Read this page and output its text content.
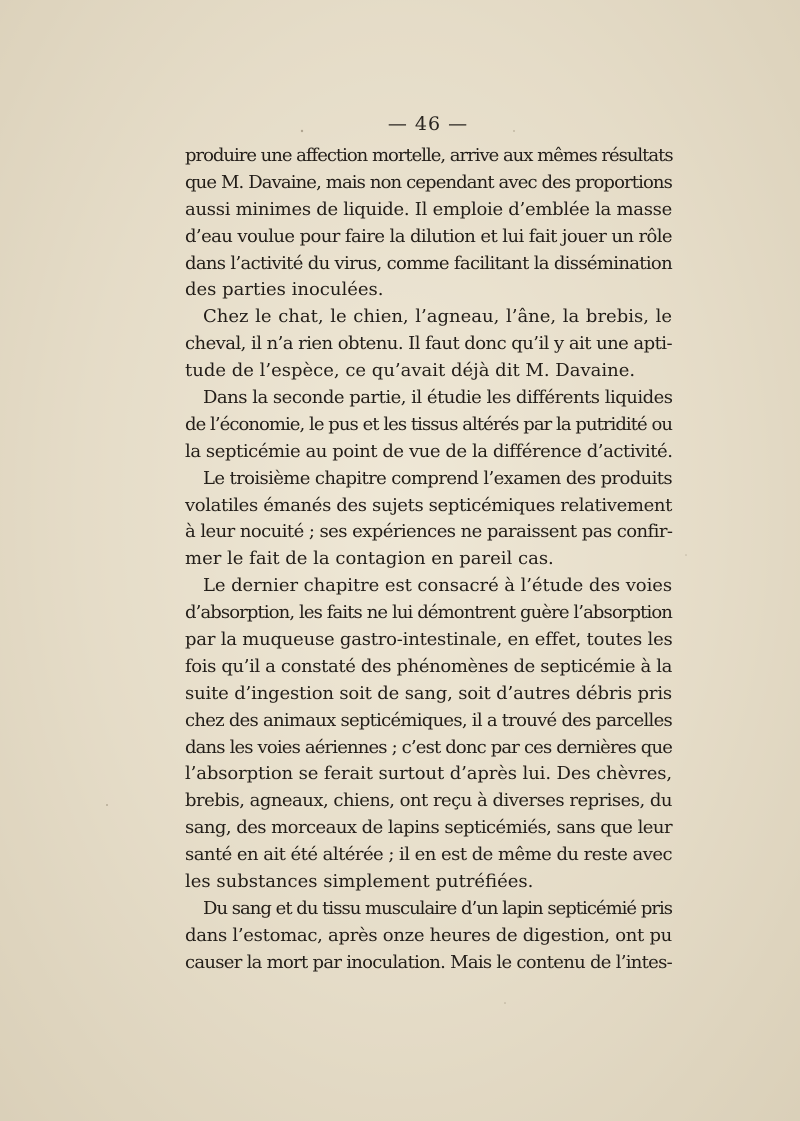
— 46 —
produire une affection mortelle, arrive aux mêmes résultats
que M. Davaine, mais non cependant avec des proportions
aussi minimes de liquide. Il emploie d’emblée la masse
d’eau voulue pour faire la dilution et lui fait jouer un rôle
dans l’activité du virus, comme facilitant la dissémination
des parties inoculées.
Chez le chat, le chien, l’agneau, l’âne, la brebis, le
cheval, il n’a rien obtenu. Il faut donc qu’il y ait une apti-
tude de l’espèce, ce qu’avait déjà dit M. Davaine.
Dans la seconde partie, il étudie les différents liquides
de l’économie, le pus et les tissus altérés par la putridité ou
la septicémie au point de vue de la différence d’activité.
Le troisième chapitre comprend l’examen des produits
volatiles émanés des sujets septicémiques relativement
à leur nocuité ; ses expériences ne paraissent pas confir-
mer le fait de la contagion en pareil cas.
Le dernier chapitre est consacré à l’étude des voies
d’absorption, les faits ne lui démontrent guère l’absorption
par la muqueuse gastro-intestinale, en effet, toutes les
fois qu’il a constaté des phénomènes de septicémie à la
suite d’ingestion soit de sang, soit d’autres débris pris
chez des animaux septicémiques, il a trouvé des parcelles
dans les voies aériennes ; c’est donc par ces dernières que
l’absorption se ferait surtout d’après lui. Des chèvres,
brebis, agneaux, chiens, ont reçu à diverses reprises, du
sang, des morceaux de lapins septicémiés, sans que leur
santé en ait été altérée ; il en est de même du reste avec
les substances simplement putréfiées.
Du sang et du tissu musculaire d’un lapin septicémié pris
dans l’estomac, après onze heures de digestion, ont pu
causer la mort par inoculation. Mais le contenu de l’intes-
